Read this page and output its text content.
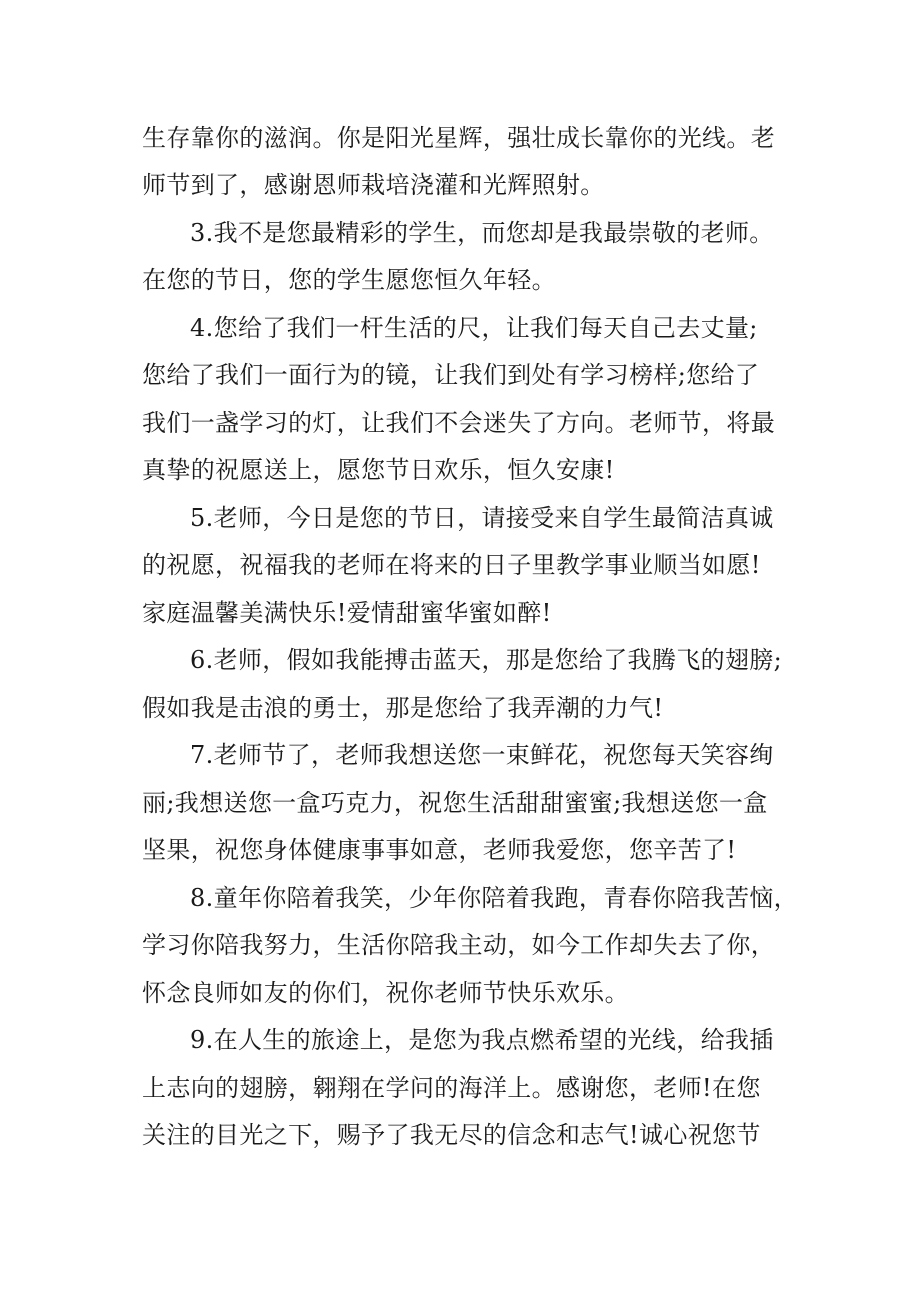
生存靠你的滋润。你是阳光星辉，强壮成长靠你的光线。老
师节到了，感谢恩师栽培浇灌和光辉照射。
3.我不是您最精彩的学生，而您却是我最崇敬的老师。
在您的节日，您的学生愿您恒久年轻。
4.您给了我们一杆生活的尺，让我们每天自己去丈量;
您给了我们一面行为的镜，让我们到处有学习榜样;您给了
我们一盏学习的灯，让我们不会迷失了方向。老师节，将最
真挚的祝愿送上，愿您节日欢乐，恒久安康!
5.老师，今日是您的节日，请接受来自学生最简洁真诚
的祝愿，祝福我的老师在将来的日子里教学事业顺当如愿!
家庭温馨美满快乐!爱情甜蜜华蜜如醉!
6.老师，假如我能搏击蓝天，那是您给了我腾飞的翅膀;
假如我是击浪的勇士，那是您给了我弄潮的力气!
7.老师节了，老师我想送您一束鲜花，祝您每天笑容绚
丽;我想送您一盒巧克力，祝您生活甜甜蜜蜜;我想送您一盒
坚果，祝您身体健康事事如意，老师我爱您，您辛苦了!
8.童年你陪着我笑，少年你陪着我跑，青春你陪我苦恼，
学习你陪我努力，生活你陪我主动，如今工作却失去了你，
怀念良师如友的你们，祝你老师节快乐欢乐。
9.在人生的旅途上，是您为我点燃希望的光线，给我插
上志向的翅膀，翱翔在学问的海洋上。感谢您，老师!在您
关注的目光之下，赐予了我无尽的信念和志气!诚心祝您节
